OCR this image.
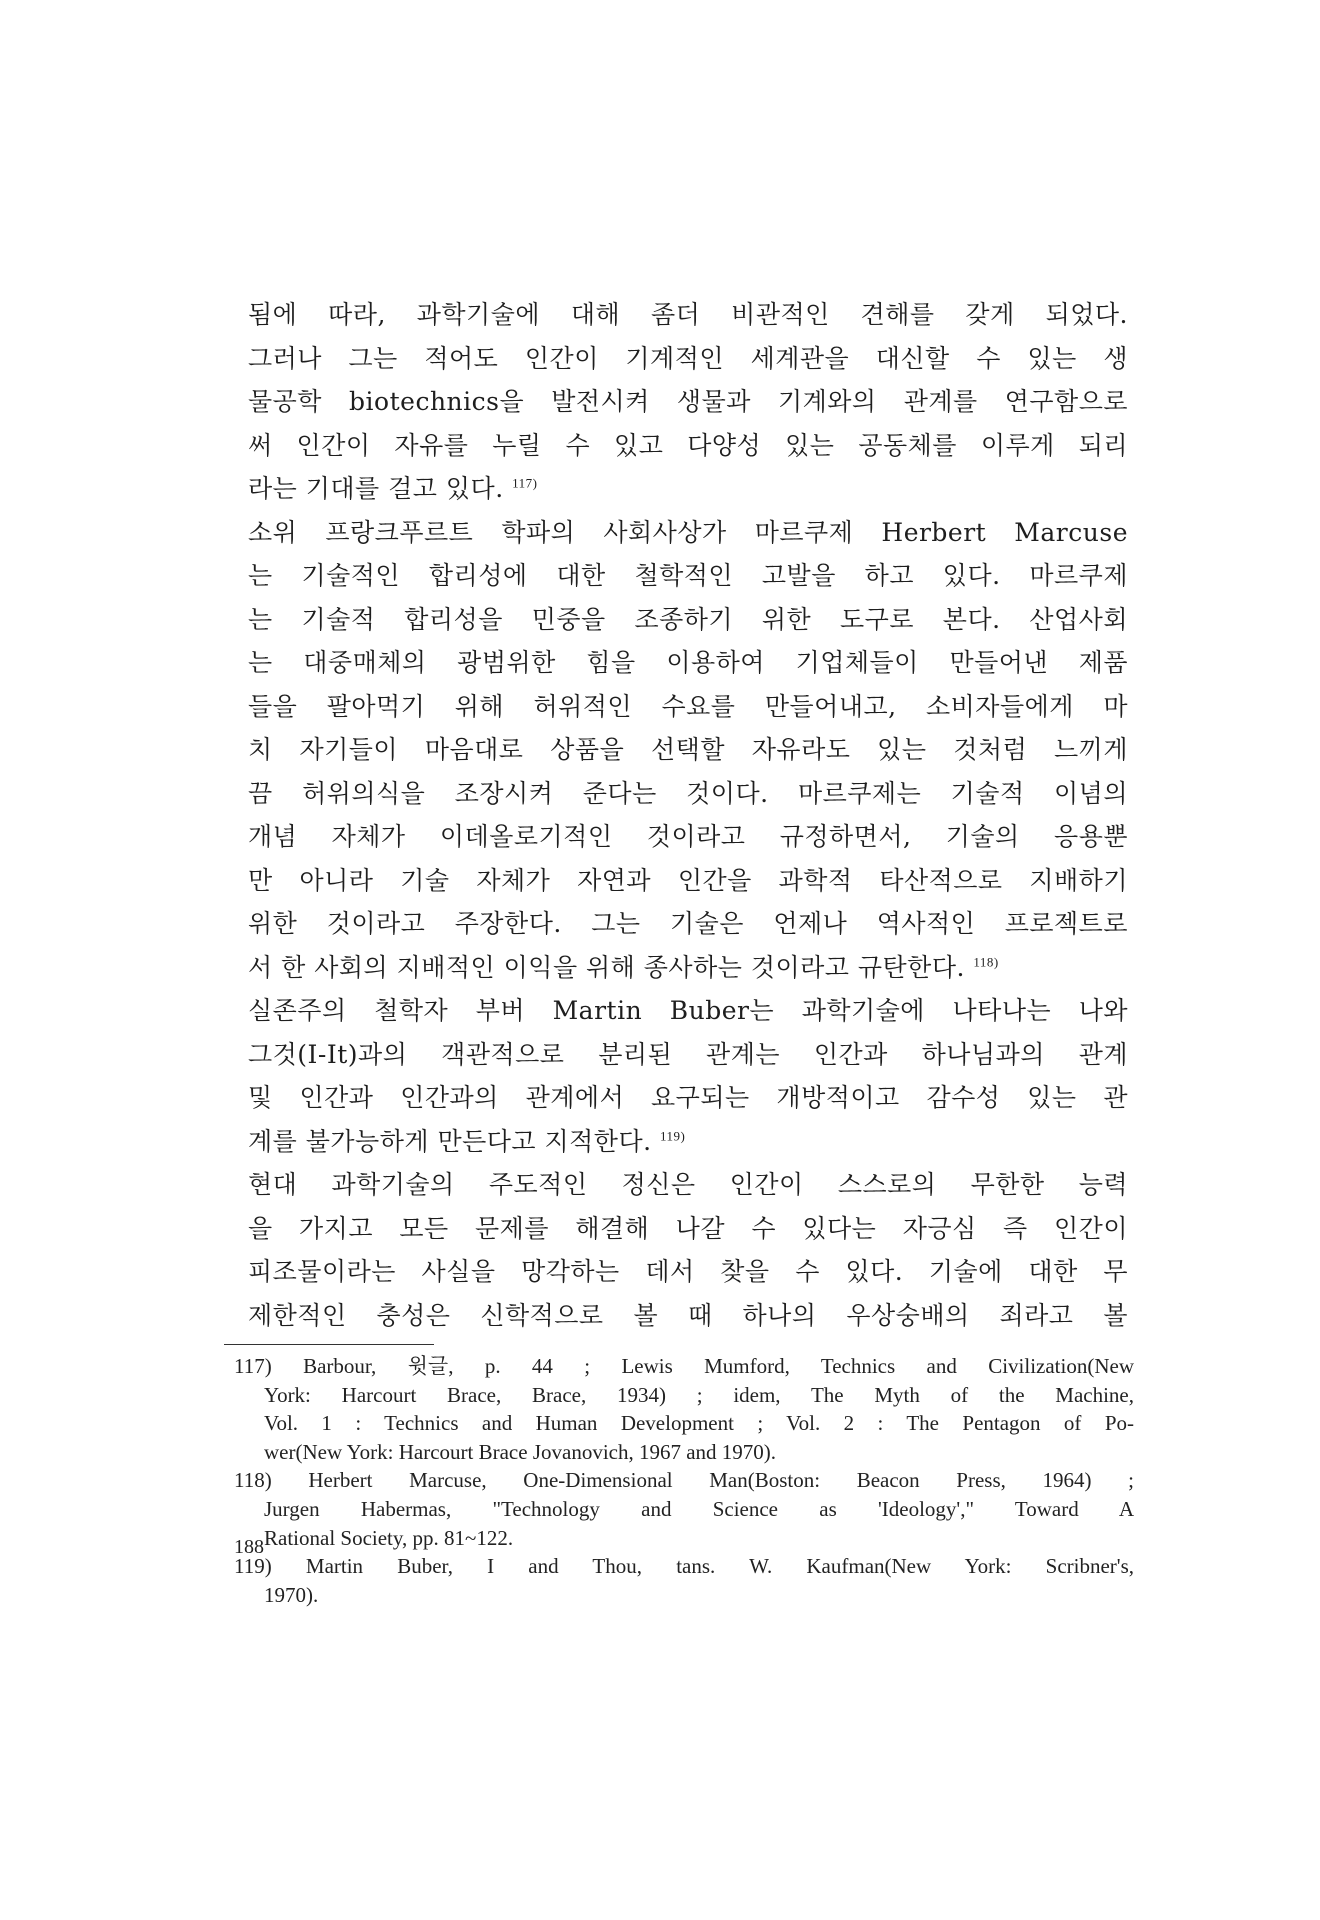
됨에 따라, 과학기술에 대해 좀더 비관적인 견해를 갖게 되었다.
그러나 그는 적어도 인간이 기계적인 세계관을 대신할 수 있는 생
물공학 biotechnics을 발전시켜 생물과 기계와의 관계를 연구함으로
써 인간이 자유를 누릴 수 있고 다양성 있는 공동체를 이루게 되리
라는 기대를 걸고 있다. $^{117)}$
소위 프랑크푸르트 학파의 사회사상가 마르쿠제 Herbert Marcuse
는 기술적인 합리성에 대한 철학적인 고발을 하고 있다. 마르쿠제
는 기술적 합리성을 민중을 조종하기 위한 도구로 본다. 산업사회
는 대중매체의 광범위한 힘을 이용하여 기업체들이 만들어낸 제품
들을 팔아먹기 위해 허위적인 수요를 만들어내고, 소비자들에게 마
치 자기들이 마음대로 상품을 선택할 자유라도 있는 것처럼 느끼게
끔 허위의식을 조장시켜 준다는 것이다. 마르쿠제는 기술적 이념의
개념 자체가 이데올로기적인 것이라고 규정하면서, 기술의 응용뿐
만 아니라 기술 자체가 자연과 인간을 과학적 타산적으로 지배하기
위한 것이라고 주장한다. 그는 기술은 언제나 역사적인 프로젝트로
서 한 사회의 지배적인 이익을 위해 종사하는 것이라고 규탄한다. $^{118)}$
실존주의 철학자 부버 Martin Buber는 과학기술에 나타나는 나와
그것(I-It)과의 객관적으로 분리된 관계는 인간과 하나님과의 관계
및 인간과 인간과의 관계에서 요구되는 개방적이고 감수성 있는 관
계를 불가능하게 만든다고 지적한다. $^{119)}$
현대 과학기술의 주도적인 정신은 인간이 스스로의 무한한 능력
을 가지고 모든 문제를 해결해 나갈 수 있다는 자긍심 즉 인간이
피조물이라는 사실을 망각하는 데서 찾을 수 있다. 기술에 대한 무
제한적인 충성은 신학적으로 볼 때 하나의 우상숭배의 죄라고 볼
117) Barbour, 윗글, p. 44 ; Lewis Mumford, Technics and Civilization(New
York: Harcourt Brace, Brace, 1934) ; idem, The Myth of the Machine,
Vol. 1 : Technics and Human Development ; Vol. 2 : The Pentagon of Po-
wer(New York: Harcourt Brace Jovanovich, 1967 and 1970).
118) Herbert Marcuse, One-Dimensional Man(Boston: Beacon Press, 1964) ;
Jurgen Habermas, "Technology and Science as 'Ideology'," Toward A
Rational Society, pp. 81~122.
119) Martin Buber, I and Thou, tans. W. Kaufman(New York: Scribner's,
1970).
188
